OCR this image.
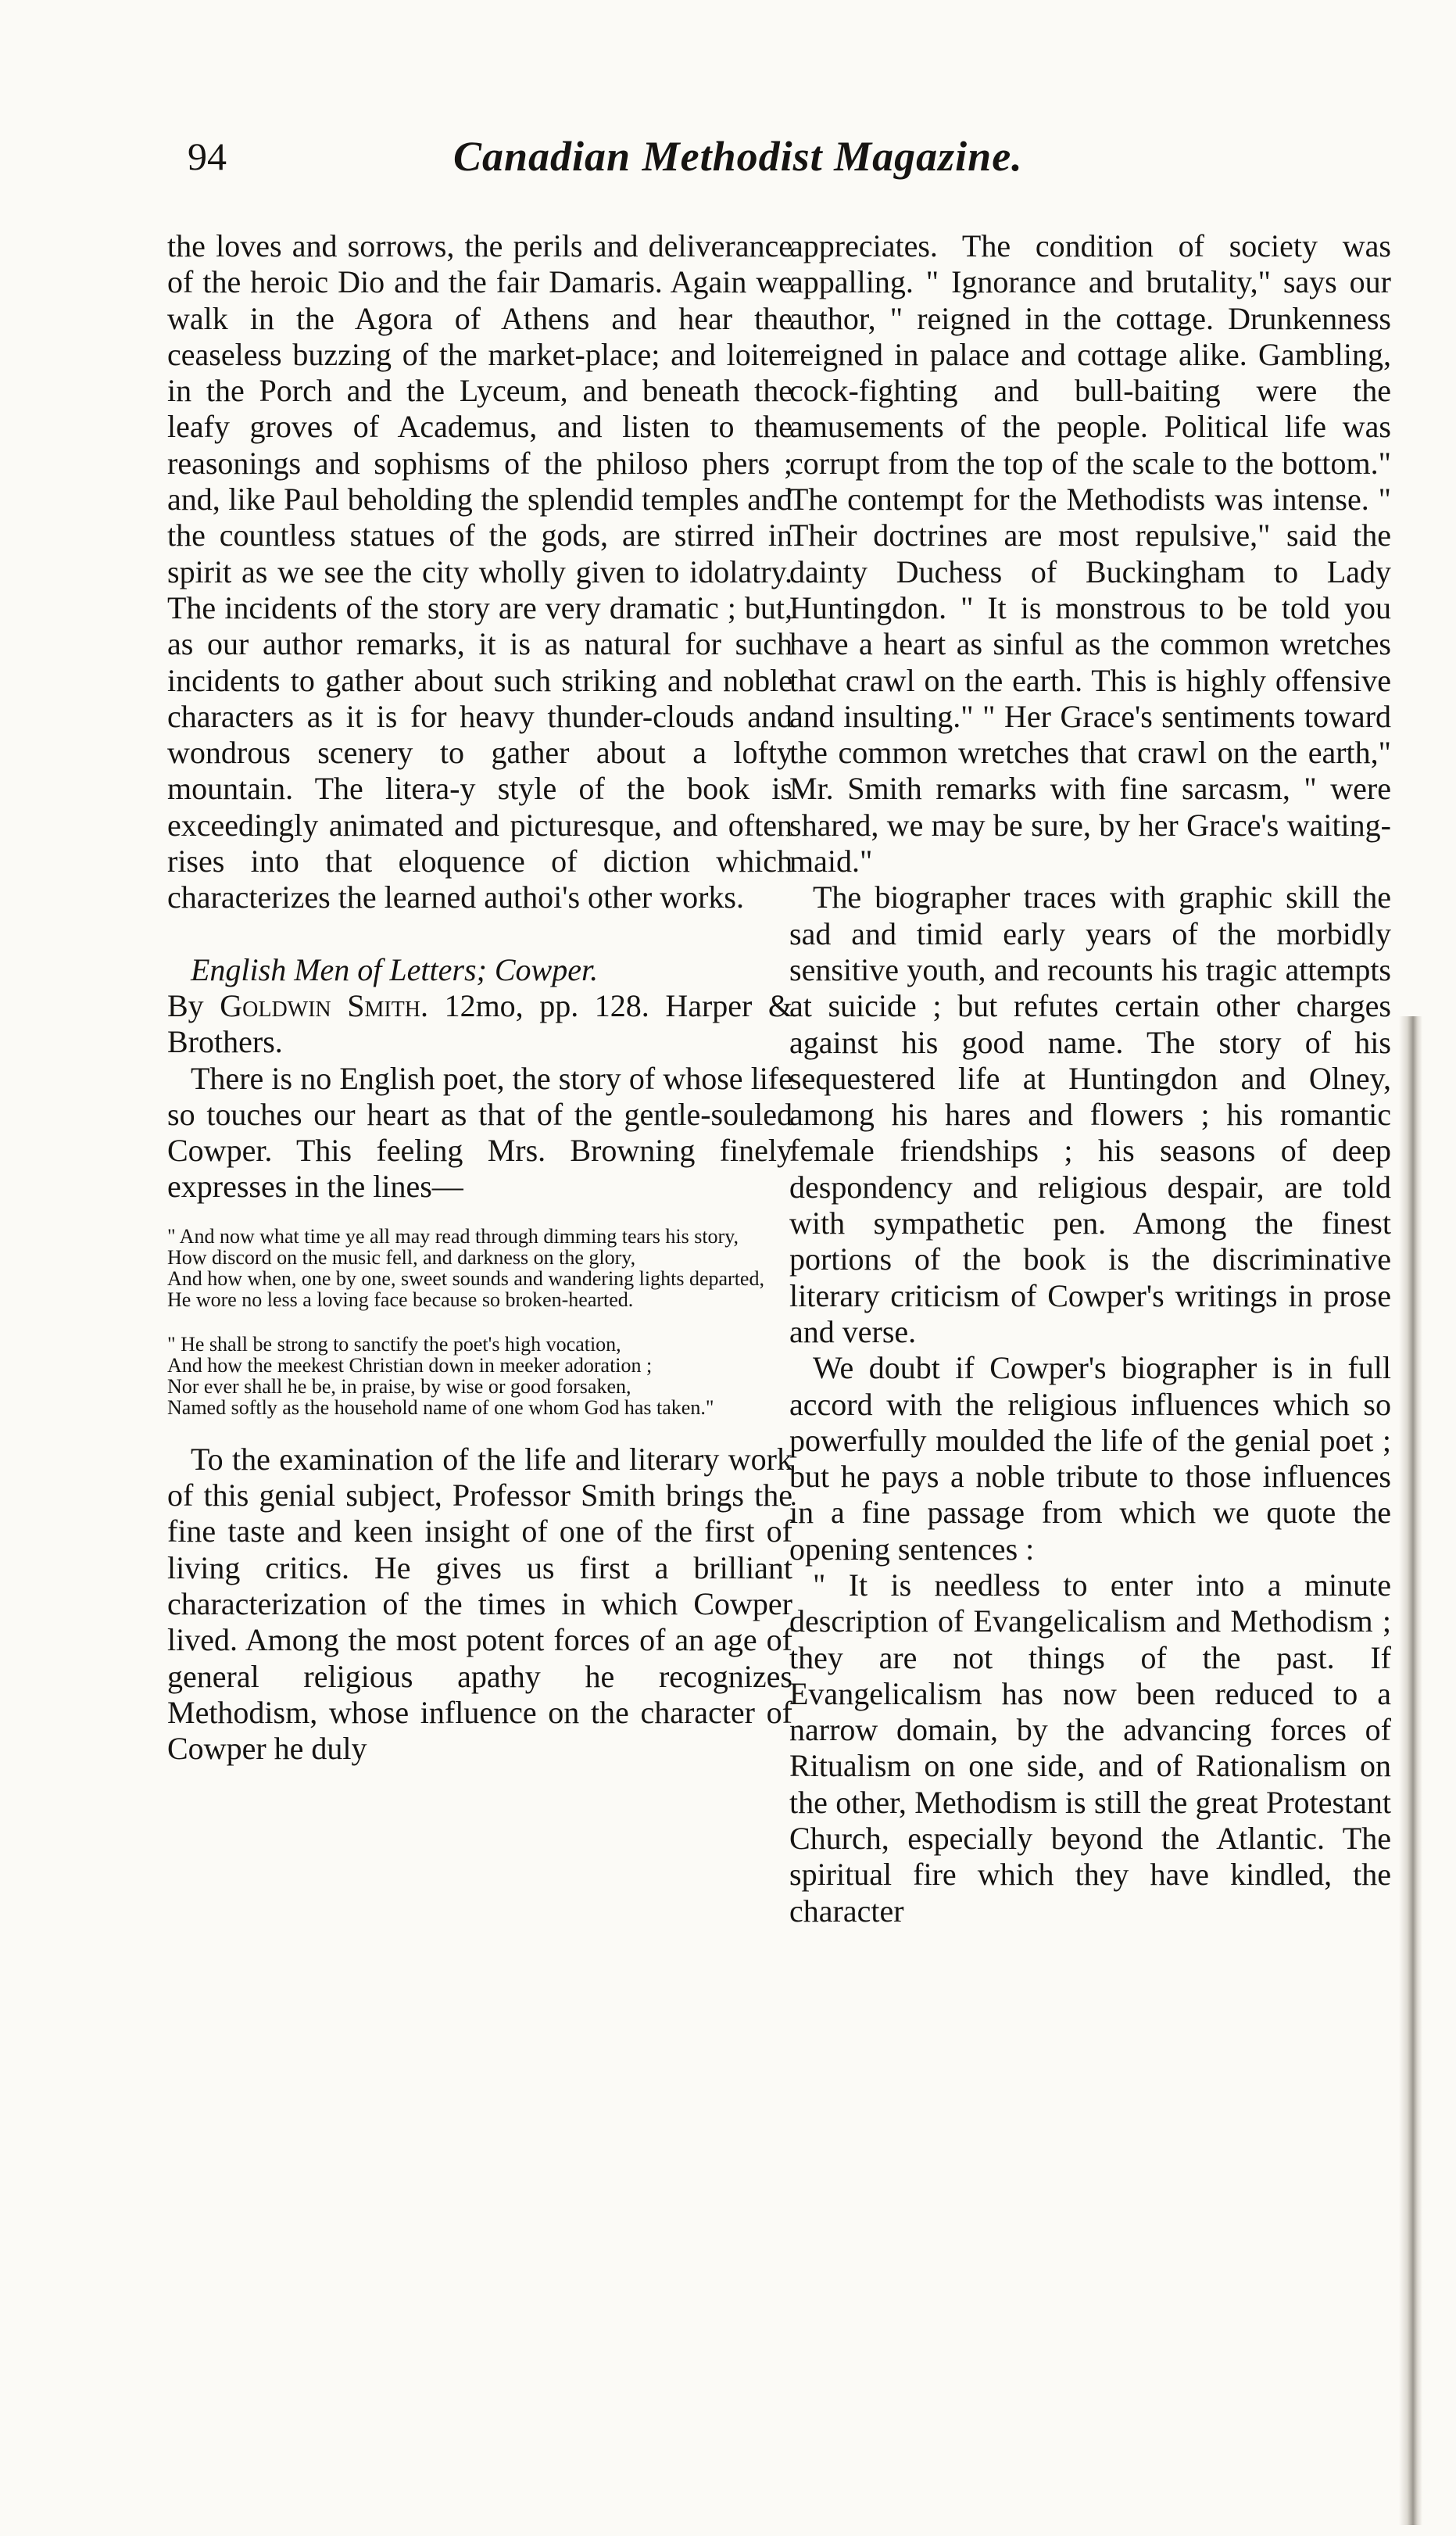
94	Canadian Methodist Magazine.

the loves and sorrows, the perils and deliverance of the heroic Dio and the fair Damaris. Again we walk in the Agora of Athens and hear the ceaseless buzzing of the market-place; and loiter in the Porch and the Lyceum, and beneath the leafy groves of Academus, and listen to the reasonings and sophisms of the philoso phers ; and, like Paul beholding the splendid temples and the countless statues of the gods, are stirred in spirit as we see the city wholly given to idolatry. The incidents of the story are very dramatic ; but, as our author remarks, it is as natural for such incidents to gather about such striking and noble characters as it is for heavy thunder-clouds and wondrous scenery to gather about a lofty mountain. The litera-y style of the book is exceedingly animated and picturesque, and often rises into that eloquence of diction which characterizes the learned authoi's other works.

English Men of Letters; Cowper.

By Goldwin Smith. 12mo, pp. 128. Harper & Brothers.

There is no English poet, the story of whose life so touches our heart as that of the gentle-souled Cowper. This feeling Mrs. Browning finely expresses in the lines—

" And now what time ye all may read through dimming tears his story,
How discord on the music fell, and darkness on the glory,
And how when, one by one, sweet sounds and wandering lights departed,
He wore no less a loving face because so broken-hearted.
" He shall be strong to sanctify the poet's high vocation,
And how the meekest Christian down in meeker adoration ;
Nor ever shall he be, in praise, by wise or good forsaken,
Named softly as the household name of one whom God has taken."

To the examination of the life and literary work of this genial subject, Professor Smith brings the fine taste and keen insight of one of the first of living critics. He gives us first a brilliant characterization of the times in which Cowper lived. Among the most potent forces of an age of general religious apathy he recognizes Methodism, whose influence on the character of Cowper he duly

appreciates. The condition of society was appalling. " Ignorance and brutality," says our author, " reigned in the cottage. Drunkenness reigned in palace and cottage alike. Gambling, cock-fighting and bull-baiting were the amusements of the people. Political life was corrupt from the top of the scale to the bottom." The contempt for the Methodists was intense. " Their doctrines are most repulsive," said the dainty Duchess of Buckingham to Lady Huntingdon. " It is monstrous to be told you have a heart as sinful as the common wretches that crawl on the earth. This is highly offensive and insulting." " Her Grace's sentiments toward the common wretches that crawl on the earth," Mr. Smith remarks with fine sarcasm, " were shared, we may be sure, by her Grace's waiting-maid."

The biographer traces with graphic skill the sad and timid early years of the morbidly sensitive youth, and recounts his tragic attempts at suicide ; but refutes certain other charges against his good name. The story of his sequestered life at Huntingdon and Olney, among his hares and flowers ; his romantic female friendships ; his seasons of deep despondency and religious despair, are told with sympathetic pen. Among the finest portions of the book is the discriminative literary criticism of Cowper's writings in prose and verse.

We doubt if Cowper's biographer is in full accord with the religious influences which so powerfully moulded the life of the genial poet ; but he pays a noble tribute to those influences in a fine passage from which we quote the opening sentences :

" It is needless to enter into a minute description of Evangelicalism and Methodism ; they are not things of the past. If Evangelicalism has now been reduced to a narrow domain, by the advancing forces of Ritualism on one side, and of Rationalism on the other, Methodism is still the great Protestant Church, especially beyond the Atlantic. The spiritual fire which they have kindled, the character
